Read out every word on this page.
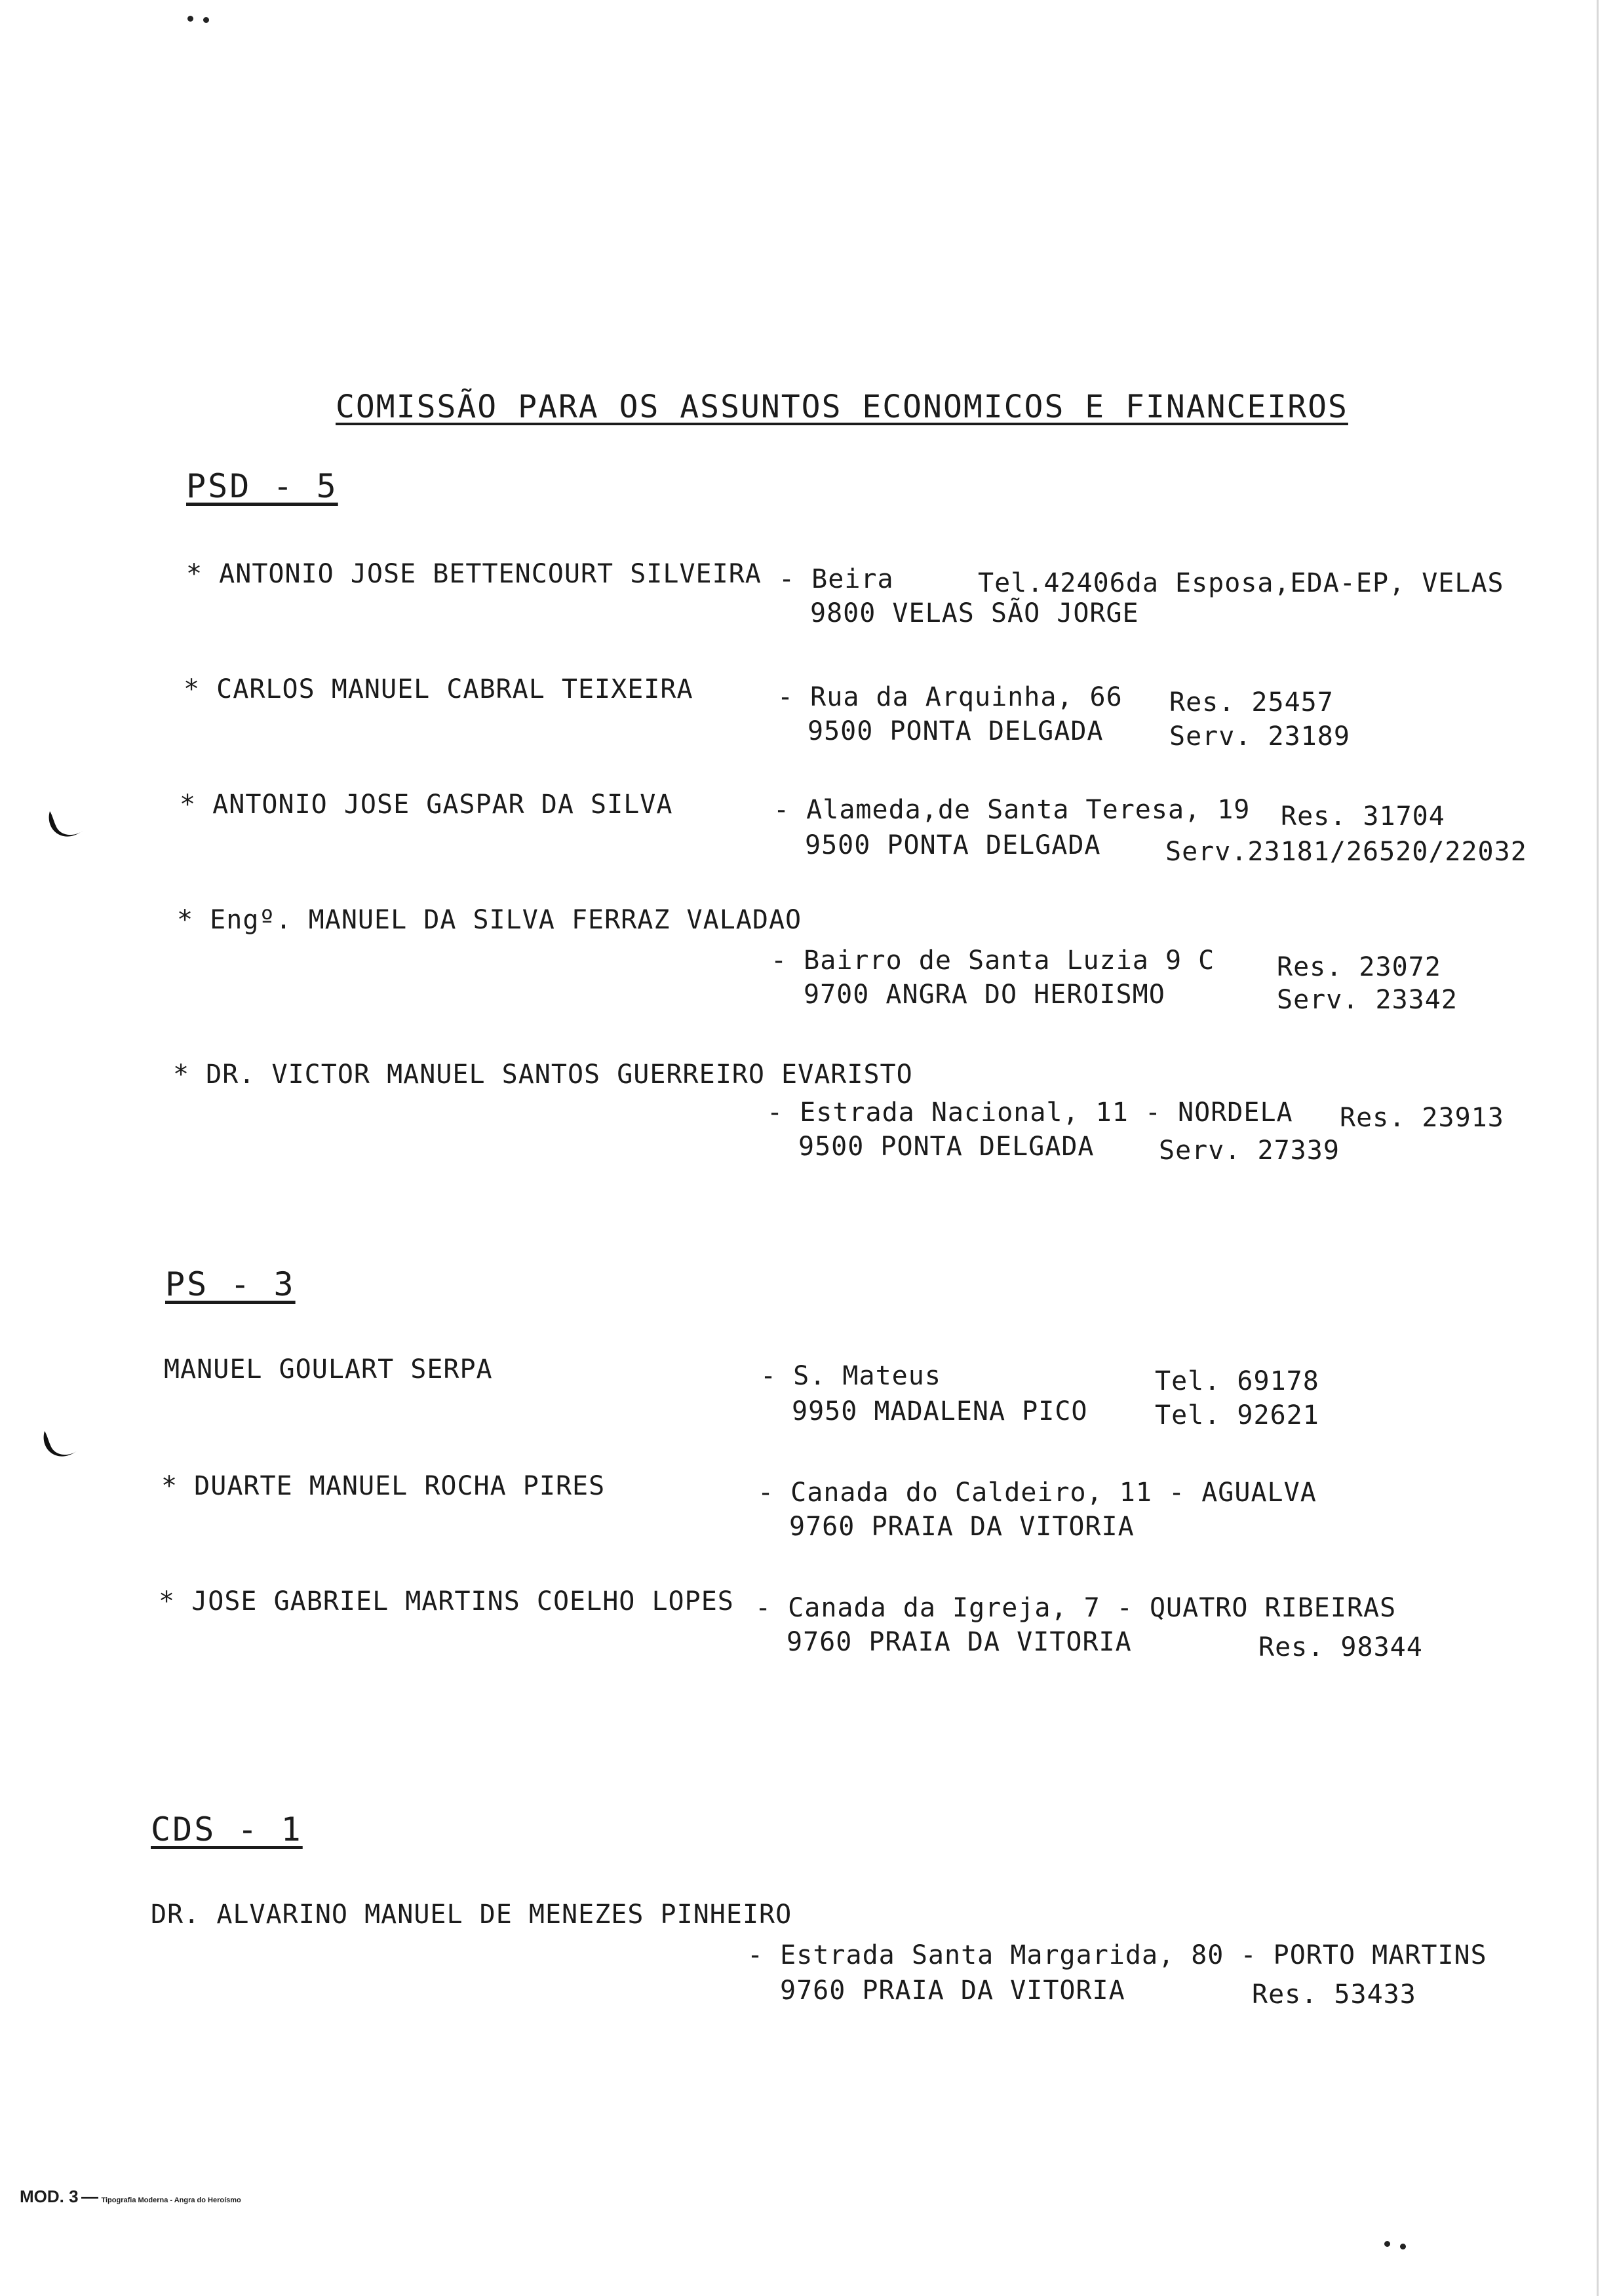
COMISSÃO PARA OS ASSUNTOS ECONOMICOS E FINANCEIROS
PSD - 5
* ANTONIO JOSE BETTENCOURT SILVEIRA - Beira	Tel.42406da Esposa,EDA-EP, VELAS
9800 VELAS SÃO JORGE
* CARLOS MANUEL CABRAL TEIXEIRA	- Rua da Arquinha, 66 Res. 25457
9500 PONTA DELGADA	Serv. 23189
* ANTONIO JOSE GASPAR DA SILVA	- Alameda,de Santa Teresa, 19 Res. 31704
9500 PONTA DELGADA Serv.23181/26520/22032
* Engº. MANUEL DA SILVA FERRAZ VALADAO
- Bairro de Santa Luzia 9 C Res. 23072
9700 ANGRA DO HEROISMO	Serv. 23342
* DR. VICTOR MANUEL SANTOS GUERREIRO EVARISTO
- Estrada Nacional, 11 - NORDELA Res. 23913
9500 PONTA DELGADA Serv. 27339
PS - 3
MANUEL GOULART SERPA	- S. Mateus	Tel. 69178
9950 MADALENA PICO	Tel. 92621
* DUARTE MANUEL ROCHA PIRES	- Canada do Caldeiro, 11 - AGUALVA
9760 PRAIA DA VITORIA
* JOSE GABRIEL MARTINS COELHO LOPES - Canada da Igreja, 7 - QUATRO RIBEIRAS
9760 PRAIA DA VITORIA	Res. 98344
CDS - 1
DR. ALVARINO MANUEL DE MENEZES PINHEIRO
- Estrada Santa Margarida, 80 - PORTO MARTINS
9760 PRAIA DA VITORIA	Res. 53433
MOD. 3 — Tipografia Moderna - Angra do Heroísmo
